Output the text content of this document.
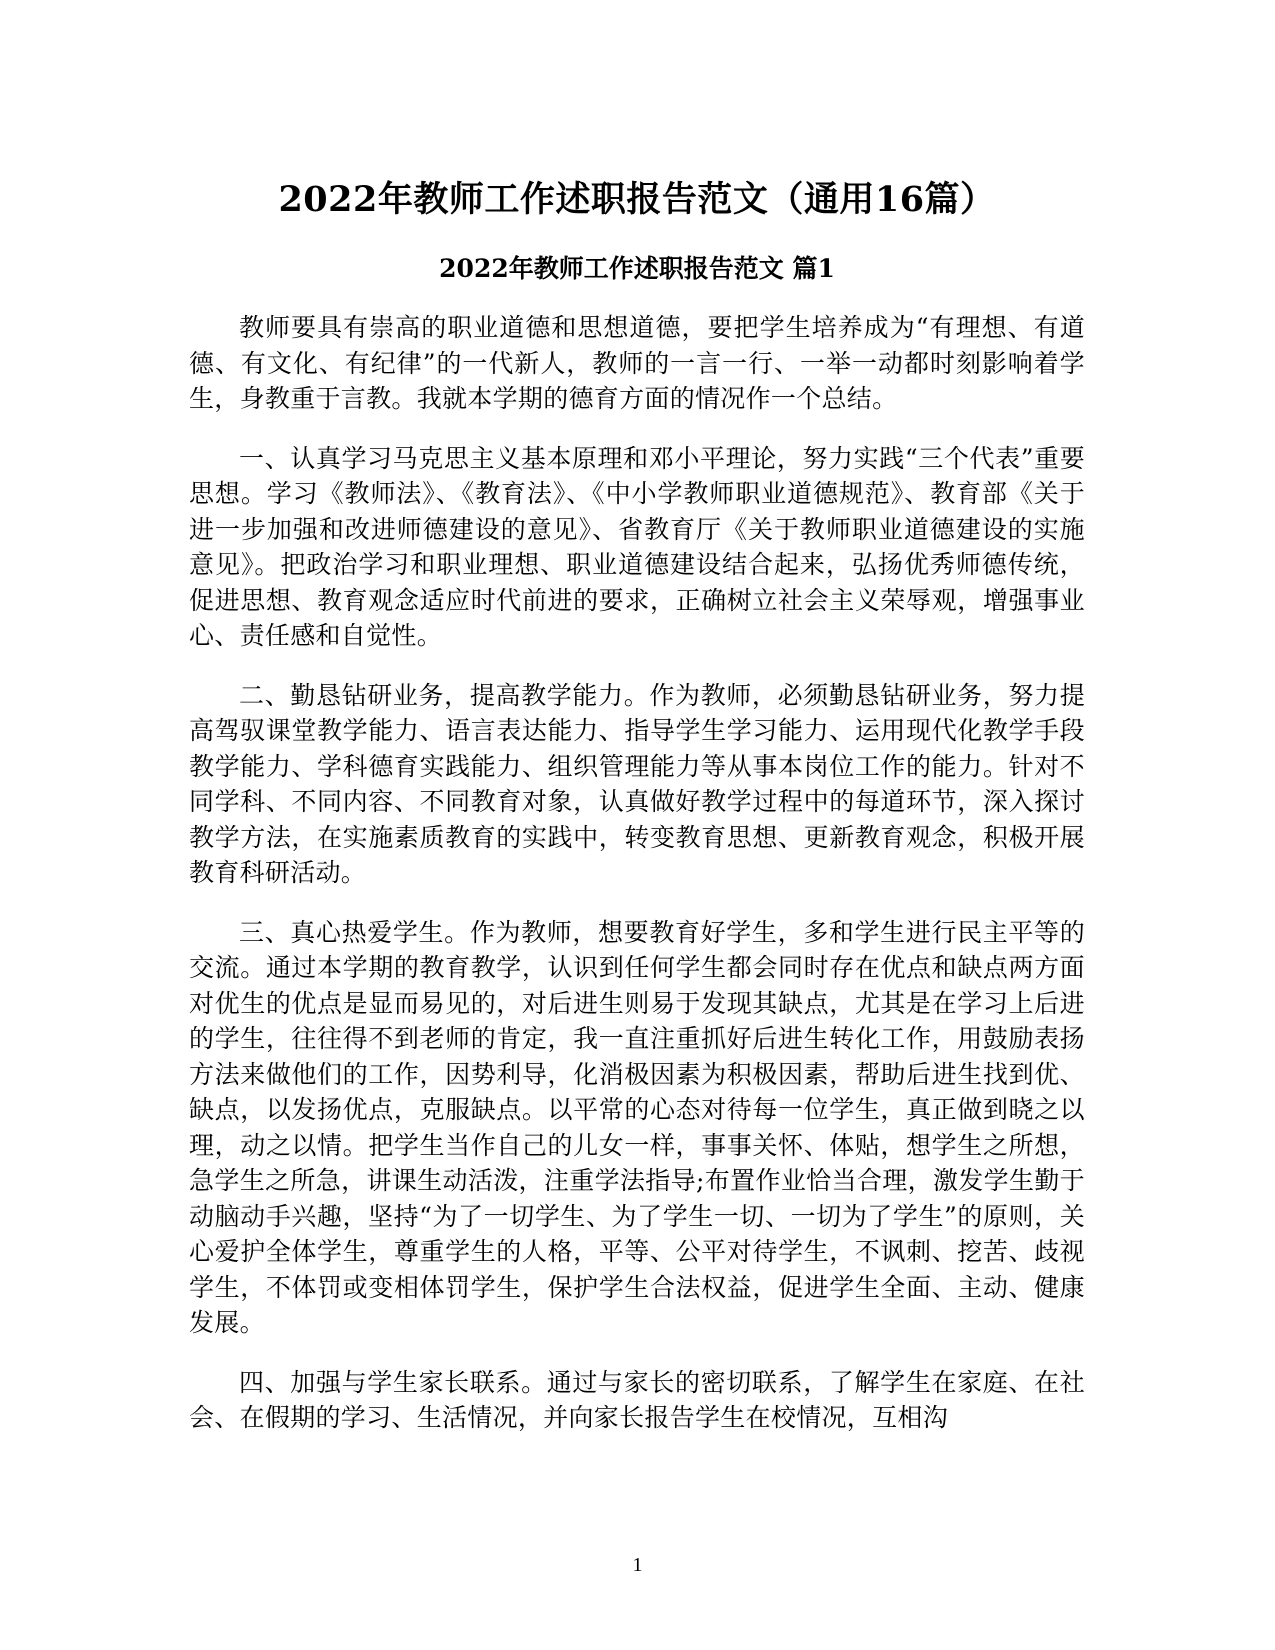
2022年教师工作述职报告范文（通用16篇）
2022年教师工作述职报告范文 篇1

教师要具有崇高的职业道德和思想道德，要把学生培养成为“有理想、有道德、有文化、有纪律”的一代新人，教师的一言一行、一举一动都时刻影响着学生，身教重于言教。我就本学期的德育方面的情况作一个总结。

一、认真学习马克思主义基本原理和邓小平理论，努力实践“三个代表”重要思想。学习《教师法》、《教育法》、《中小学教师职业道德规范》、教育部《关于进一步加强和改进师德建设的意见》、省教育厅《关于教师职业道德建设的实施意见》。把政治学习和职业理想、职业道德建设结合起来，弘扬优秀师德传统，促进思想、教育观念适应时代前进的要求，正确树立社会主义荣辱观，增强事业心、责任感和自觉性。

二、勤恳钻研业务，提高教学能力。作为教师，必须勤恳钻研业务，努力提高驾驭课堂教学能力、语言表达能力、指导学生学习能力、运用现代化教学手段教学能力、学科德育实践能力、组织管理能力等从事本岗位工作的能力。针对不同学科、不同内容、不同教育对象，认真做好教学过程中的每道环节，深入探讨教学方法，在实施素质教育的实践中，转变教育思想、更新教育观念，积极开展教育科研活动。

三、真心热爱学生。作为教师，想要教育好学生，多和学生进行民主平等的交流。通过本学期的教育教学，认识到任何学生都会同时存在优点和缺点两方面对优生的优点是显而易见的，对后进生则易于发现其缺点，尤其是在学习上后进的学生，往往得不到老师的肯定，我一直注重抓好后进生转化工作，用鼓励表扬方法来做他们的工作，因势利导，化消极因素为积极因素，帮助后进生找到优、缺点，以发扬优点，克服缺点。以平常的心态对待每一位学生，真正做到晓之以理，动之以情。把学生当作自己的儿女一样，事事关怀、体贴，想学生之所想，急学生之所急，讲课生动活泼，注重学法指导;布置作业恰当合理，激发学生勤于动脑动手兴趣，坚持“为了一切学生、为了学生一切、一切为了学生”的原则，关心爱护全体学生，尊重学生的人格，平等、公平对待学生，不讽刺、挖苦、歧视学生，不体罚或变相体罚学生，保护学生合法权益，促进学生全面、主动、健康发展。

四、加强与学生家长联系。通过与家长的密切联系，了解学生在家庭、在社会、在假期的学习、生活情况，并向家长报告学生在校情况，互相沟

1
